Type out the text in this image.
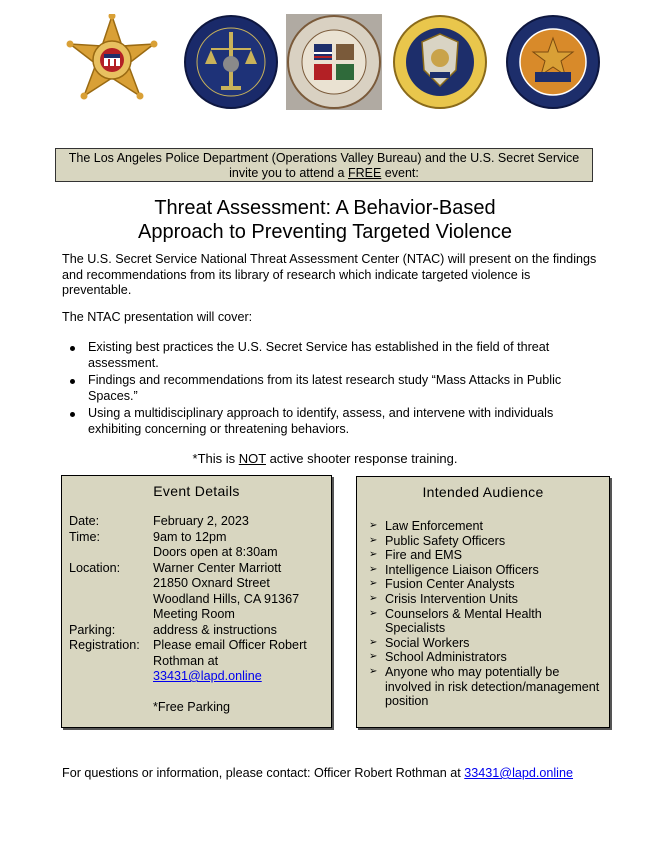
The Los Angeles Police Department (Operations Valley Bureau) and the U.S. Secret Service
invite you to attend a FREE event:
Threat Assessment: A Behavior-Based
Approach to Preventing Targeted Violence
The U.S. Secret Service National Threat Assessment Center (NTAC) will present on the findings and recommendations from its library of research which indicate targeted violence is preventable.
The NTAC presentation will cover:
Existing best practices the U.S. Secret Service has established in the field of threat assessment.
Findings and recommendations from its latest research study “Mass Attacks in Public Spaces.”
Using a multidisciplinary approach to identify, assess, and intervene with individuals exhibiting concerning or threatening behaviors.
*This is NOT active shooter response training.
Event Details
Date:	February 2, 2023
Time:	9am to 12pm
Doors open at 8:30am
Location:	Warner Center Marriott
21850 Oxnard Street
Woodland Hills, CA 91367
Meeting Room
Parking:	address & instructions
Registration: Please email Officer Robert
Rothman at
33431@lapd.online
*Free Parking
Intended Audience
➢ Law Enforcement
➢ Public Safety Officers
➢ Fire and EMS
➢ Intelligence Liaison Officers
➢ Fusion Center Analysts
➢ Crisis Intervention Units
➢ Counselors & Mental Health Specialists
➢ Social Workers
➢ School Administrators
➢ Anyone who may potentially be involved in risk detection/management position
For questions or information, please contact: Officer Robert Rothman at 33431@lapd.online
